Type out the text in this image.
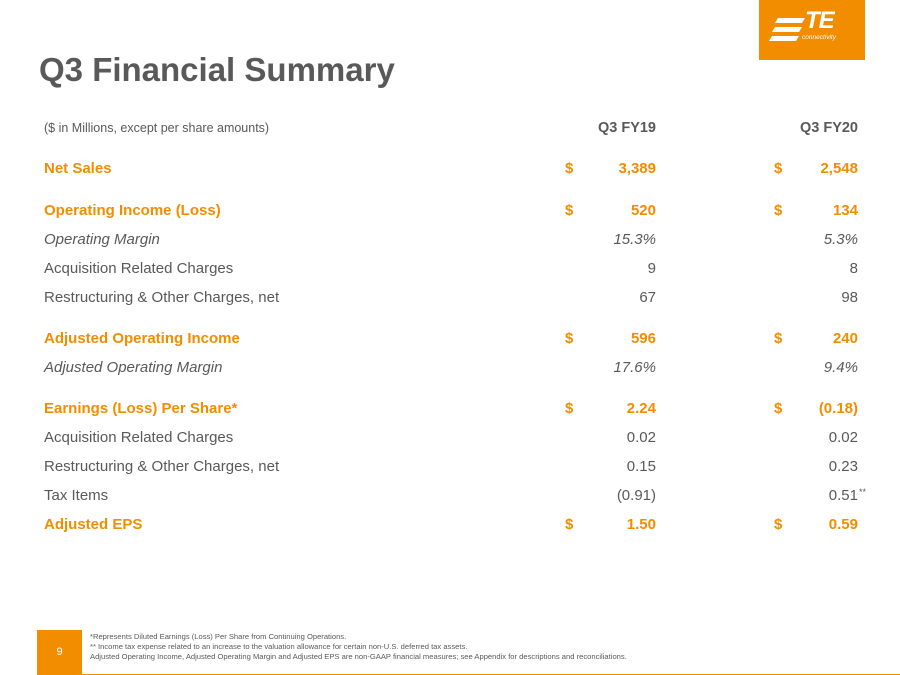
TE
connectivity
Q3 Financial Summary
($ in Millions, except per share amounts)	Q3 FY19	Q3 FY20
Net Sales	$	3,389	$	2,548
Operating Income (Loss)	$	520	$	134
Operating Margin	15.3%	5.3%
Acquisition Related Charges	9	8
Restructuring & Other Charges, net	67	98
Adjusted Operating Income	$	596	$	240
Adjusted Operating Margin	17.6%	9.4%
Earnings (Loss) Per Share*	$	2.24	$ (0.18)
Acquisition Related Charges	0.02	0.02
Restructuring & Other Charges, net	0.15	0.23
Tax Items	(0.91)	0.51 **
Adjusted EPS	$	1.50	$	0.59
9
*Represents Diluted Earnings (Loss) Per Share from Continuing Operations.
** Income tax expense related to an increase to the valuation allowance for certain non-U.S. deferred tax assets.
Adjusted Operating Income, Adjusted Operating Margin and Adjusted EPS are non-GAAP financial measures; see Appendix for descriptions and reconciliations.
